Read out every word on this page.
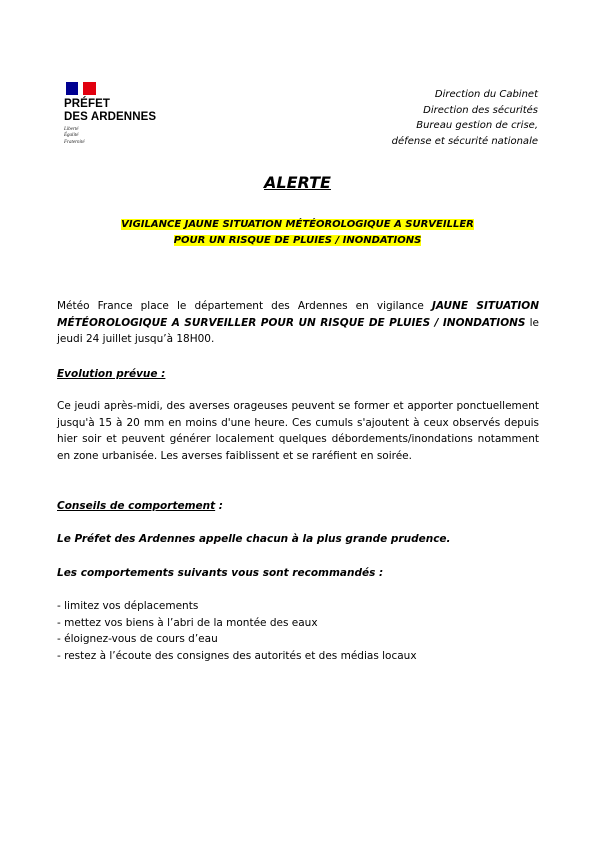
PRÉFET
DES ARDENNES
Liberté
Égalité
Fraternité
Direction du Cabinet
Direction des sécurités
Bureau gestion de crise,
défense et sécurité nationale
ALERTE
VIGILANCE JAUNE SITUATION MÉTÉOROLOGIQUE A SURVEILLER
POUR UN RISQUE DE PLUIES / INONDATIONS
Météo France place le département des Ardennes en vigilance JAUNE SITUATION MÉTÉOROLOGIQUE A SURVEILLER POUR UN RISQUE DE PLUIES / INONDATIONS le jeudi 24 juillet jusqu’à 18H00.
Evolution prévue :
Ce jeudi après-midi, des averses orageuses peuvent se former et apporter ponctuellement jusqu'à 15 à 20 mm en moins d'une heure. Ces cumuls s'ajoutent à ceux observés depuis hier soir et peuvent générer localement quelques débordements/inondations notamment en zone urbanisée. Les averses faiblissent et se raréfient en soirée.
Conseils de comportement :
Le Préfet des Ardennes appelle chacun à la plus grande prudence.
Les comportements suivants vous sont recommandés :
- limitez vos déplacements
- mettez vos biens à l’abri de la montée des eaux
- éloignez-vous de cours d’eau
- restez à l’écoute des consignes des autorités et des médias locaux
